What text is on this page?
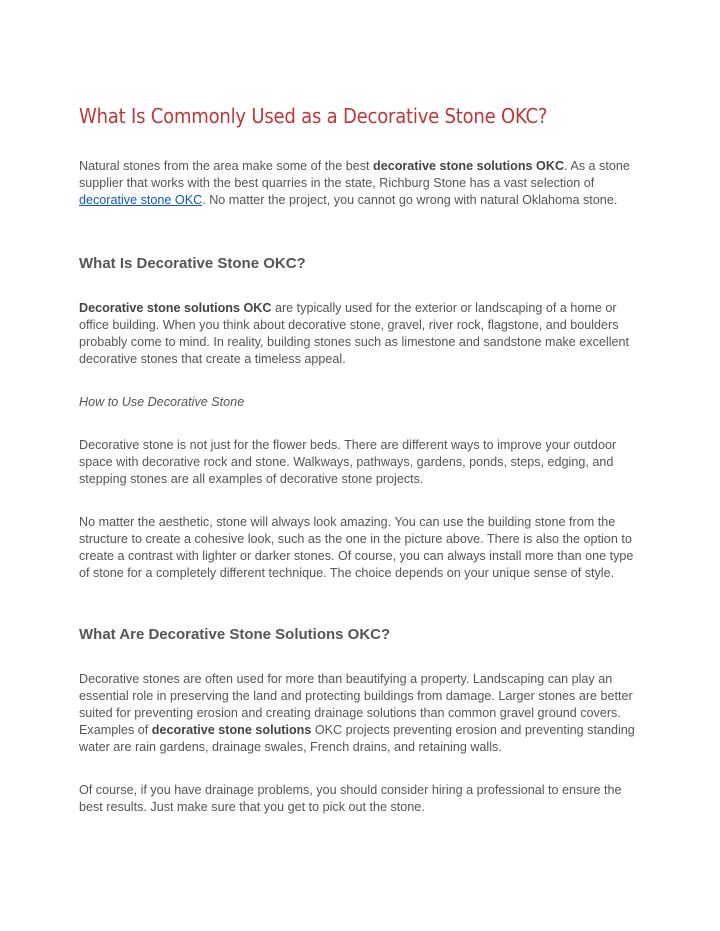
What Is Commonly Used as a Decorative Stone OKC?

Natural stones from the area make some of the best decorative stone solutions OKC. As a stone supplier that works with the best quarries in the state, Richburg Stone has a vast selection of decorative stone OKC. No matter the project, you cannot go wrong with natural Oklahoma stone.

What Is Decorative Stone OKC?

Decorative stone solutions OKC are typically used for the exterior or landscaping of a home or office building. When you think about decorative stone, gravel, river rock, flagstone, and boulders probably come to mind. In reality, building stones such as limestone and sandstone make excellent decorative stones that create a timeless appeal.

How to Use Decorative Stone

Decorative stone is not just for the flower beds. There are different ways to improve your outdoor space with decorative rock and stone. Walkways, pathways, gardens, ponds, steps, edging, and stepping stones are all examples of decorative stone projects.

No matter the aesthetic, stone will always look amazing. You can use the building stone from the structure to create a cohesive look, such as the one in the picture above. There is also the option to create a contrast with lighter or darker stones. Of course, you can always install more than one type of stone for a completely different technique. The choice depends on your unique sense of style.

What Are Decorative Stone Solutions OKC?

Decorative stones are often used for more than beautifying a property. Landscaping can play an essential role in preserving the land and protecting buildings from damage. Larger stones are better suited for preventing erosion and creating drainage solutions than common gravel ground covers. Examples of decorative stone solutions OKC projects preventing erosion and preventing standing water are rain gardens, drainage swales, French drains, and retaining walls.

Of course, if you have drainage problems, you should consider hiring a professional to ensure the best results. Just make sure that you get to pick out the stone.
